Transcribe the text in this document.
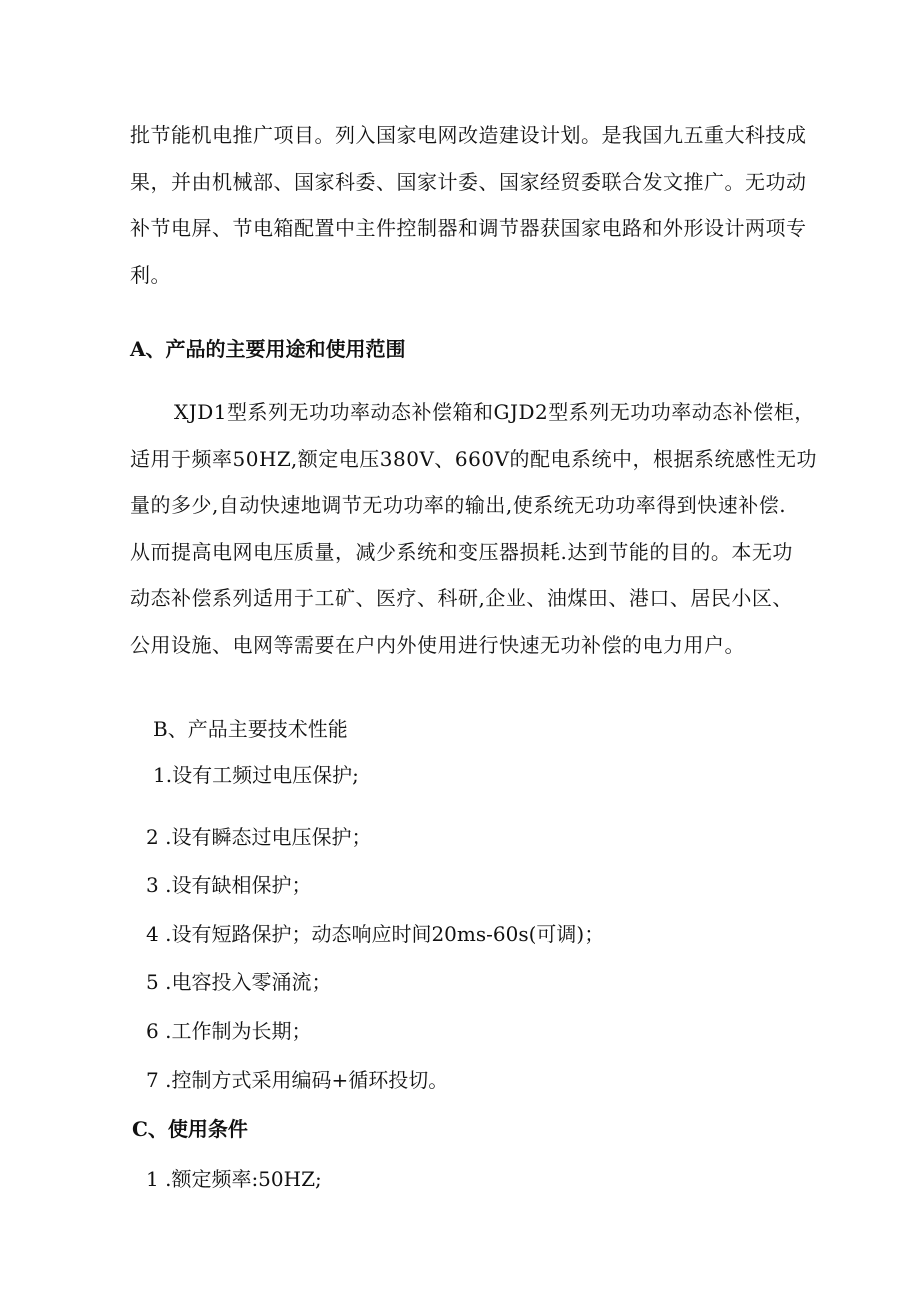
批节能机电推广项目。列入国家电网改造建设计划。是我国九五重大科技成
果，并由机械部、国家科委、国家计委、国家经贸委联合发文推广。无功动
补节电屏、节电箱配置中主件控制器和调节器获国家电路和外形设计两项专
利。

A、产品的主要用途和使用范围

XJD1型系列无功功率动态补偿箱和GJD2型系列无功功率动态补偿柜，
适用于频率50HZ,额定电压380V、660V的配电系统中，根据系统感性无功
量的多少,自动快速地调节无功功率的输出,使系统无功功率得到快速补偿.
从而提高电网电压质量，减少系统和变压器损耗.达到节能的目的。本无功
动态补偿系列适用于工矿、医疗、科研,企业、油煤田、港口、居民小区、
公用设施、电网等需要在户内外使用进行快速无功补偿的电力用户。

B、产品主要技术性能
1.设有工频过电压保护;
2 .设有瞬态过电压保护；
3 .设有缺相保护；
4 .设有短路保护；动态响应时间20ms-60s(可调)；
5 .电容投入零涌流；
6 .工作制为长期；
7 .控制方式采用编码+循环投切。
C、使用条件
1 .额定频率:50HZ;
